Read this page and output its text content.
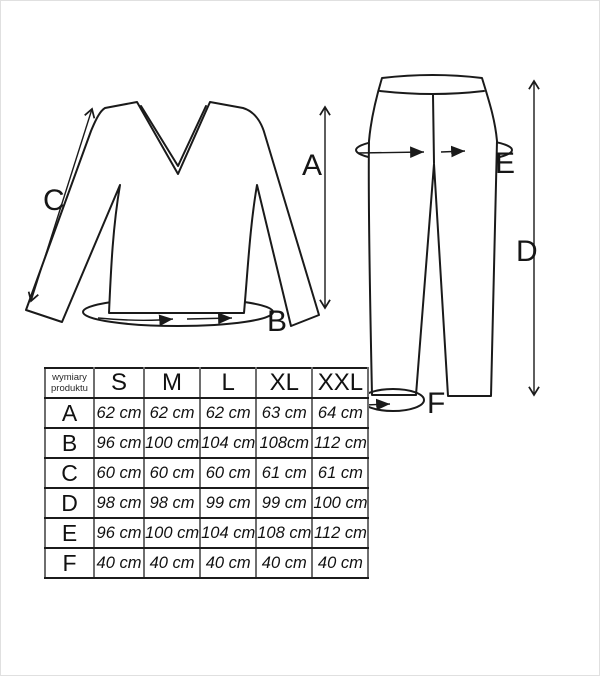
A
B
C
D
E
F
wymiary
produktu	S	M	L	XL	XXL
A	62 cm	62 cm	62 cm	63 cm	64 cm
B	96 cm	100 cm	104 cm	108cm	112 cm
C	60 cm	60 cm	60 cm	61 cm	61 cm
D	98 cm	98 cm	99 cm	99 cm	100 cm
E	96 cm	100 cm	104 cm	108 cm	112 cm
F	40 cm	40 cm	40 cm	40 cm	40 cm
